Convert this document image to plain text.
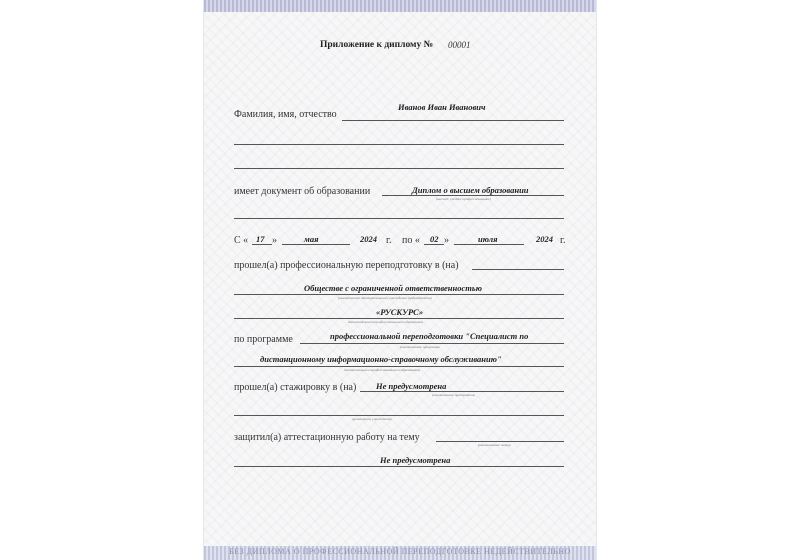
Приложение к диплому № 00001
Фамилия, имя, отчество
Иванов Иван Иванович
имеет документ об образовании	Диплом о высшем образовании
(высшее, среднее профессиональное)
С « 17 »	мая	2024 г. по « 02 »	июля	2024 г.
прошел(а) профессиональную переподготовку в (на)
Обществе с ограниченной ответственностью
(наименование образовательного учреждения (подразделения)
«РУСКУРС»
дополнительного профессионального образования
по программе	профессиональной переподготовки "Специалист по
(наименование программы
дистанционному информационно-справочному обслуживанию"
дополнительного профессионального образования)
прошел(а) стажировку в (на) Не предусмотрена
(наименование предприятия,
организации, учреждения)
защитил(а) аттестационную работу на тему
(наименование темы)
Не предусмотрена
БЕЗ ДИПЛОМА О ПРОФЕССИОНАЛЬНОЙ ПЕРЕПОДГОТОВКЕ НЕДЕЙСТВИТЕЛЬНО
